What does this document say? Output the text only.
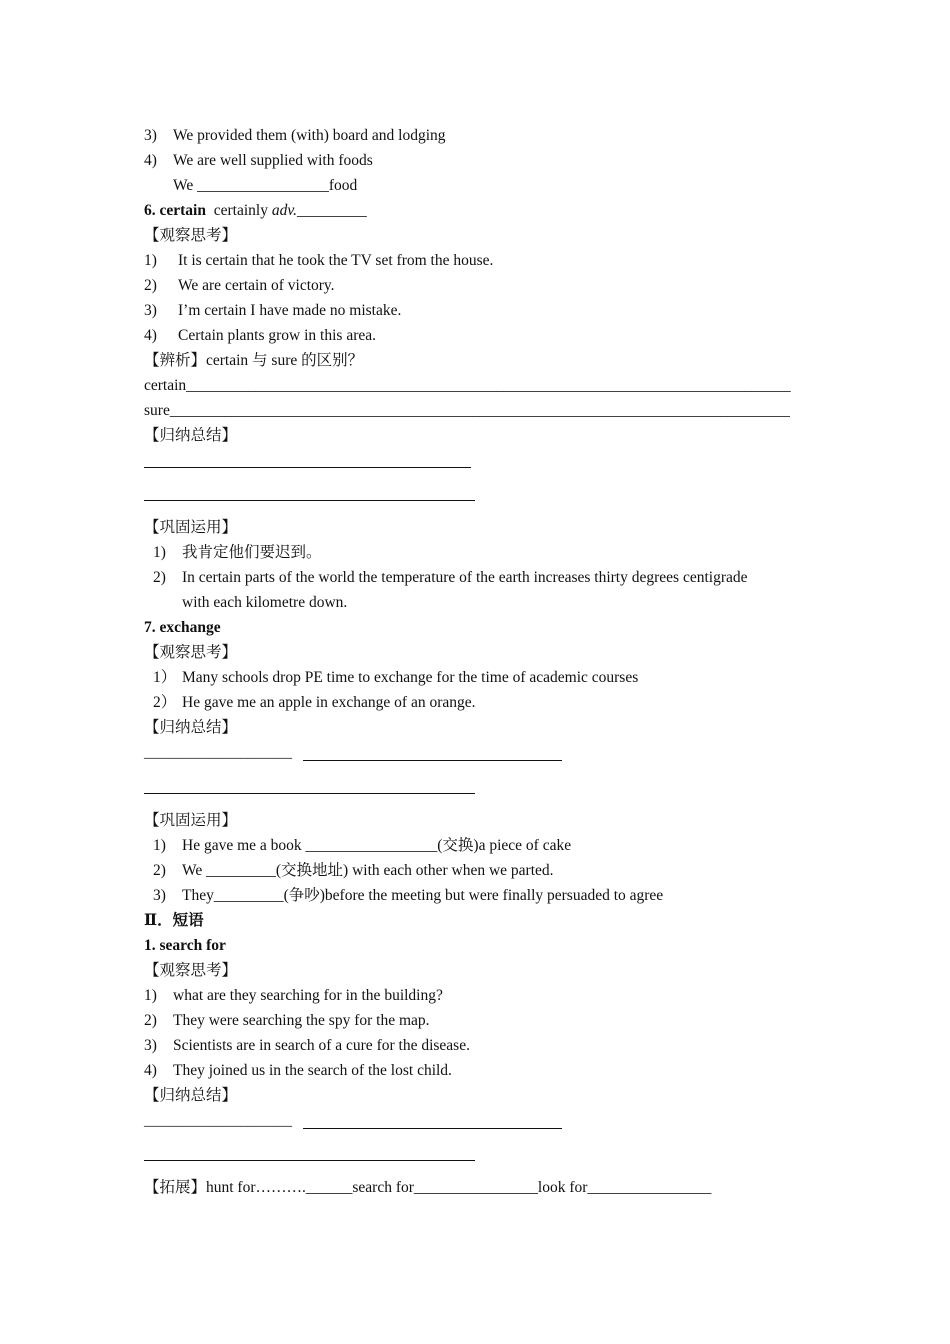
3) We provided them (with) board and lodging
4) We are well supplied with foods
We _________________food
6. certain certainly adv._________
【观察思考】
1) It is certain that he took the TV set from the house.
2) We are certain of victory.
3) I’m certain I have made no mistake.
4) Certain plants grow in this area.
【辨析】certain 与 sure 的区别？
certain______________________________________________________________________________
sure________________________________________________________________________________
【归纳总结】
【巩固运用】
1) 我肯定他们要迟到。
2) In certain parts of the world the temperature of the earth increases thirty degrees centigrade
with each kilometre down.
7. exchange
【观察思考】
1） Many schools drop PE time to exchange for the time of academic courses
2） He gave me an apple in exchange of an orange.
【归纳总结】
____________________
【巩固运用】
1) He gave me a book _________________(交换)a piece of cake
2) We _________(交换地址) with each other when we parted.
3) They_________(争吵)before the meeting but were finally persuaded to agree
Ⅱ．短语
1. search for
【观察思考】
1) what are they searching for in the building?
2) They were searching the spy for the map.
3) Scientists are in search of a cure for the disease.
4) They joined us in the search of the lost child.
【归纳总结】
____________________
【拓展】hunt for……….______search for________________look for________________
